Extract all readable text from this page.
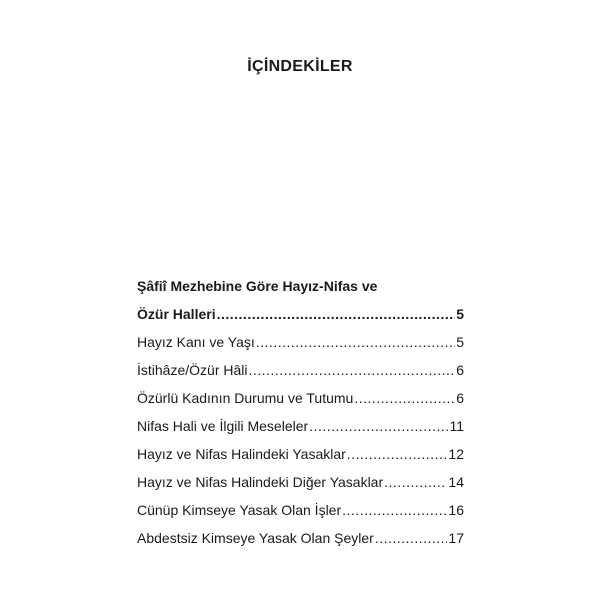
İÇİNDEKİLER
Şâfiî Mezhebine Göre Hayız-Nifas ve
Özür Halleri .....	5
Hayız Kanı ve Yaşı .....	5
İstihâze/Özür Hâli .....	6
Özürlü Kadının Durumu ve Tutumu .....	6
Nifas Hali ve İlgili Meseleler .....	11
Hayız ve Nifas Halindeki Yasaklar .....	12
Hayız ve Nifas Halindeki Diğer Yasaklar .....	14
Cünüp Kimseye Yasak Olan İşler .....	16
Abdestsiz Kimseye Yasak Olan Şeyler .....	17
